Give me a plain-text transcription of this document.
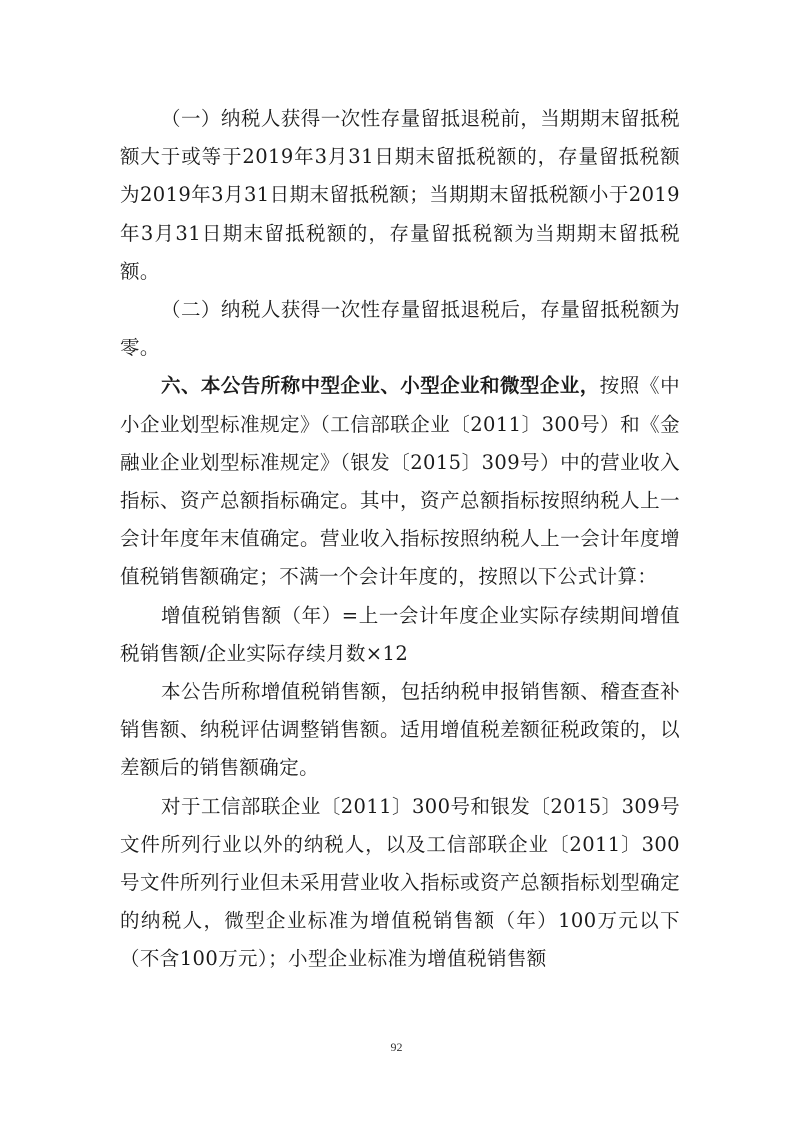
（一）纳税人获得一次性存量留抵退税前，当期期末留抵税额大于或等于2019年3月31日期末留抵税额的，存量留抵税额为2019年3月31日期末留抵税额；当期期末留抵税额小于2019年3月31日期末留抵税额的，存量留抵税额为当期期末留抵税额。

（二）纳税人获得一次性存量留抵退税后，存量留抵税额为零。

六、本公告所称中型企业、小型企业和微型企业，按照《中小企业划型标准规定》（工信部联企业〔2011〕300号）和《金融业企业划型标准规定》（银发〔2015〕309号）中的营业收入指标、资产总额指标确定。其中，资产总额指标按照纳税人上一会计年度年末值确定。营业收入指标按照纳税人上一会计年度增值税销售额确定；不满一个会计年度的，按照以下公式计算：

增值税销售额（年）=上一会计年度企业实际存续期间增值税销售额/企业实际存续月数×12

本公告所称增值税销售额，包括纳税申报销售额、稽查查补销售额、纳税评估调整销售额。适用增值税差额征税政策的，以差额后的销售额确定。

对于工信部联企业〔2011〕300号和银发〔2015〕309号文件所列行业以外的纳税人，以及工信部联企业〔2011〕300号文件所列行业但未采用营业收入指标或资产总额指标划型确定的纳税人，微型企业标准为增值税销售额（年）100万元以下（不含100万元）；小型企业标准为增值税销售额

92
